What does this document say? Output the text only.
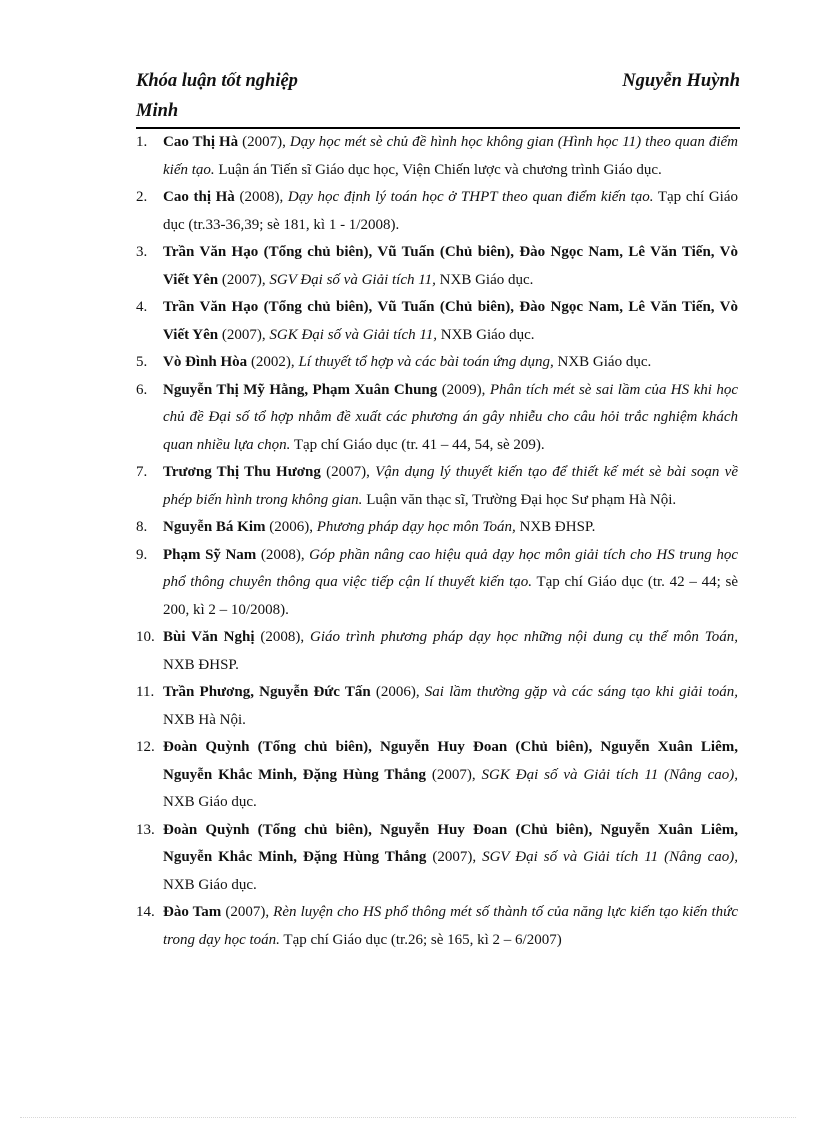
Khóa luận tốt nghiệp	Nguyễn Huỳnh
Minh
1. Cao Thị Hà (2007), Dạy học mét sè chủ đề hình học không gian (Hình học 11) theo quan điểm kiến tạo. Luận án Tiến sĩ Giáo dục học, Viện Chiến lược và chương trình Giáo dục.
2. Cao thị Hà (2008), Dạy học định lý toán học ở THPT theo quan điểm kiến tạo. Tạp chí Giáo dục (tr.33-36,39; sè 181, kì 1 - 1/2008).
3. Trần Văn Hạo (Tổng chủ biên), Vũ Tuấn (Chủ biên), Đào Ngọc Nam, Lê Văn Tiến, Vò Viết Yên (2007), SGV Đại số và Giải tích 11, NXB Giáo dục.
4. Trần Văn Hạo (Tổng chủ biên), Vũ Tuấn (Chủ biên), Đào Ngọc Nam, Lê Văn Tiến, Vò Viết Yên (2007), SGK Đại số và Giải tích 11, NXB Giáo dục.
5. Vò Đình Hòa (2002), Lí thuyết tổ hợp và các bài toán ứng dụng, NXB Giáo dục.
6. Nguyễn Thị Mỹ Hằng, Phạm Xuân Chung (2009), Phân tích mét sè sai lầm của HS khi học chủ đề Đại số tổ hợp nhằm đề xuất các phương án gây nhiễu cho câu hỏi trắc nghiệm khách quan nhiều lựa chọn. Tạp chí Giáo dục (tr. 41 – 44, 54, sè 209).
7. Trương Thị Thu Hương (2007), Vận dụng lý thuyết kiến tạo để thiết kế mét sè bài soạn về phép biến hình trong không gian. Luận văn thạc sĩ, Trường Đại học Sư phạm Hà Nội.
8. Nguyễn Bá Kim (2006), Phương pháp dạy học môn Toán, NXB ĐHSP.
9. Phạm Sỹ Nam (2008), Góp phần nâng cao hiệu quả dạy học môn giải tích cho HS trung học phổ thông chuyên thông qua việc tiếp cận lí thuyết kiến tạo. Tạp chí Giáo dục (tr. 42 – 44; sè 200, kì 2 – 10/2008).
10. Bùi Văn Nghị (2008), Giáo trình phương pháp dạy học những nội dung cụ thể môn Toán, NXB ĐHSP.
11. Trần Phương, Nguyễn Đức Tấn (2006), Sai lầm thường gặp và các sáng tạo khi giải toán, NXB Hà Nội.
12. Đoàn Quỳnh (Tổng chủ biên), Nguyễn Huy Đoan (Chủ biên), Nguyễn Xuân Liêm, Nguyễn Khắc Minh, Đặng Hùng Thắng (2007), SGK Đại số và Giải tích 11 (Nâng cao), NXB Giáo dục.
13. Đoàn Quỳnh (Tổng chủ biên), Nguyễn Huy Đoan (Chủ biên), Nguyễn Xuân Liêm, Nguyễn Khắc Minh, Đặng Hùng Thắng (2007), SGV Đại số và Giải tích 11 (Nâng cao), NXB Giáo dục.
14. Đào Tam (2007), Rèn luyện cho HS phổ thông mét số thành tố của năng lực kiến tạo kiến thức trong dạy học toán. Tạp chí Giáo dục (tr.26; sè 165, kì 2 – 6/2007)
